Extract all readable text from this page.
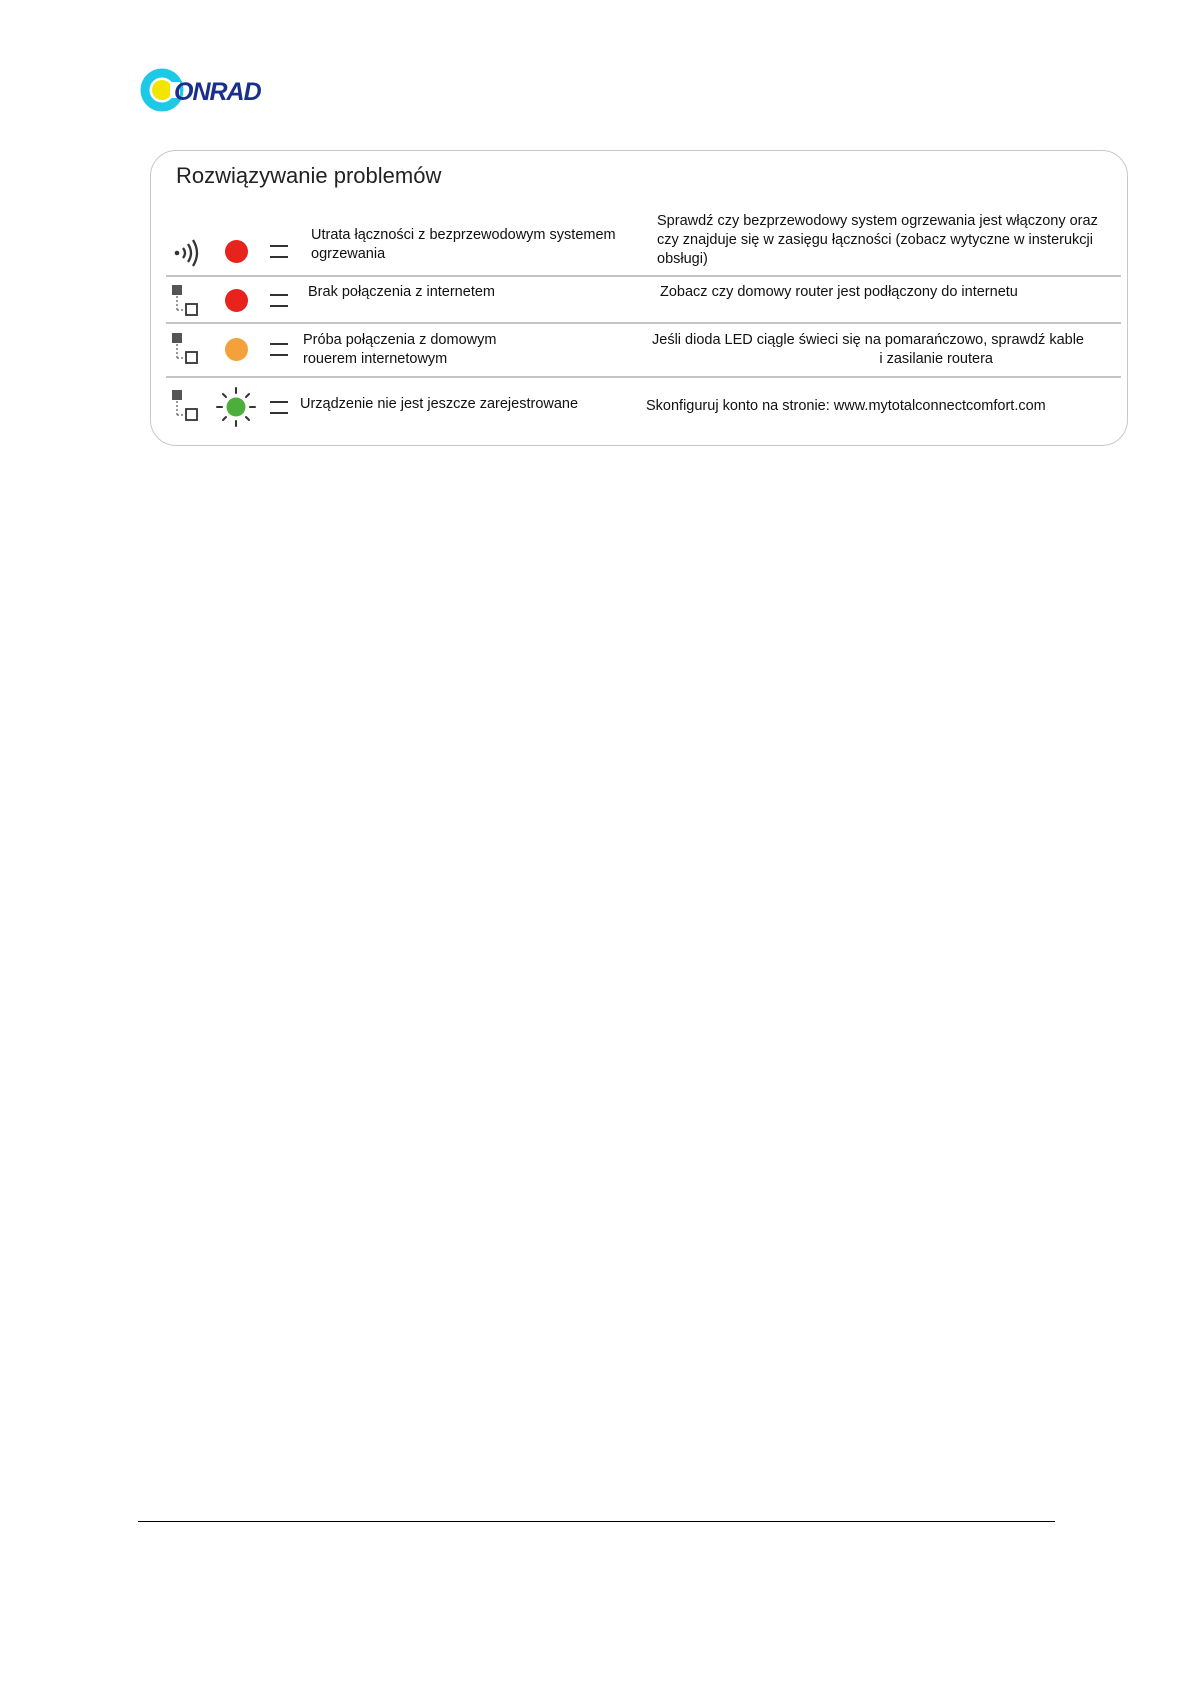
ONRAD
Rozwiązywanie problemów
Utrata łączności z bezprzewodowym systemem
ogrzewania
Sprawdź czy bezprzewodowy system ogrzewania jest włączony oraz
czy znajduje się w zasięgu łączności (zobacz wytyczne w insterukcji
obsługi)
Brak połączenia z internetem	Zobacz czy domowy router jest podłączony do internetu
Próba połączenia z domowym
rouerem internetowym
Jeśli dioda LED ciągle świeci się na pomarańczowo, sprawdź kable
i zasilanie routera
Urządzenie nie jest jeszcze zarejestrowane	Skonfiguruj konto na stronie: www.mytotalconnectcomfort.com
